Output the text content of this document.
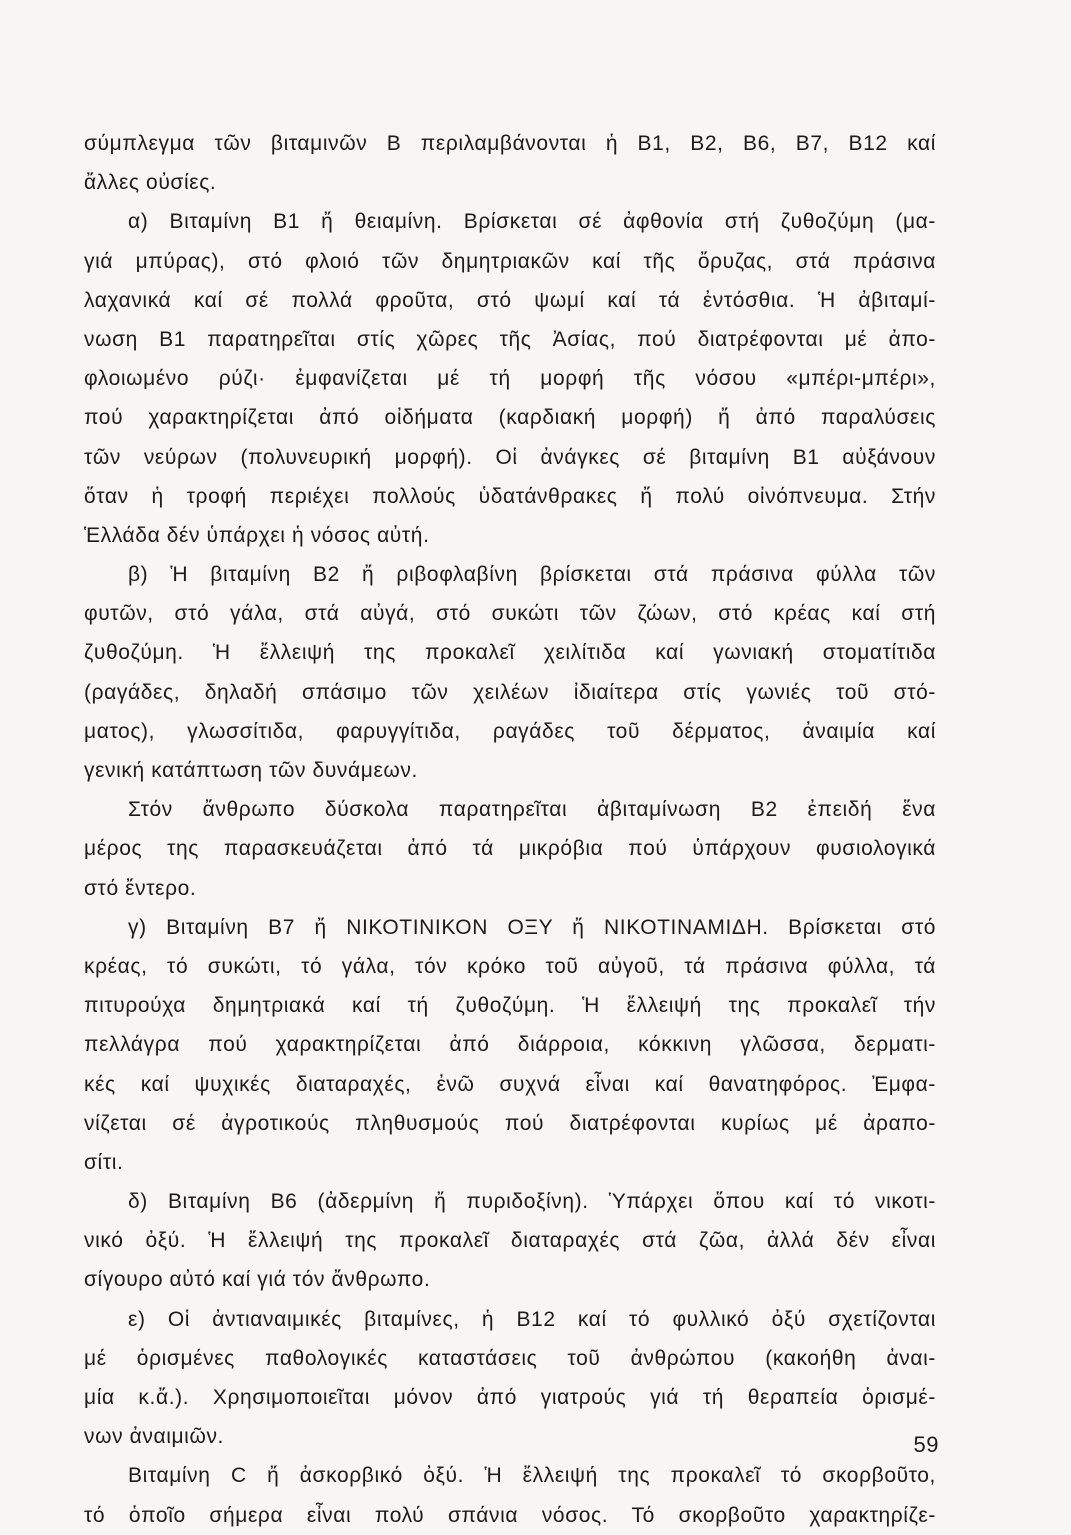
σύμπλεγμα τῶν βιταμινῶν Β περιλαμβάνονται ἡ Β1, Β2, Β6, Β7, Β12 καί
ἄλλες οὐσίες.
α) Βιταμίνη Β1 ἤ θειαμίνη. Βρίσκεται σέ ἀφθονία στή ζυθοζύμη (μα-
γιά μπύρας), στό φλοιό τῶν δημητριακῶν καί τῆς ὄρυζας, στά πράσινα
λαχανικά καί σέ πολλά φροῦτα, στό ψωμί καί τά ἐντόσθια. Ἡ ἀβιταμί-
νωση Β1 παρατηρεῖται στίς χῶρες τῆς Ἀσίας, πού διατρέφονται μέ ἀπο-
φλοιωμένο ρύζι· ἐμφανίζεται μέ τή μορφή τῆς νόσου «μπέρι-μπέρι»,
πού χαρακτηρίζεται ἀπό οἰδήματα (καρδιακή μορφή) ἤ ἀπό παραλύσεις
τῶν νεύρων (πολυνευρική μορφή). Οἱ ἀνάγκες σέ βιταμίνη Β1 αὐξάνουν
ὅταν ἡ τροφή περιέχει πολλούς ὑδατάνθρακες ἤ πολύ οἰνόπνευμα. Στήν
Ἑλλάδα δέν ὑπάρχει ἡ νόσος αὐτή.
β) Ἡ βιταμίνη Β2 ἤ ριβοφλαβίνη βρίσκεται στά πράσινα φύλλα τῶν
φυτῶν, στό γάλα, στά αὐγά, στό συκώτι τῶν ζώων, στό κρέας καί στή
ζυθοζύμη. Ἡ ἔλλειψή της προκαλεῖ χειλίτιδα καί γωνιακή στοματίτιδα
(ραγάδες, δηλαδή σπάσιμο τῶν χειλέων ἰδιαίτερα στίς γωνιές τοῦ στό-
ματος), γλωσσίτιδα, φαρυγγίτιδα, ραγάδες τοῦ δέρματος, ἀναιμία καί
γενική κατάπτωση τῶν δυνάμεων.
Στόν ἄνθρωπο δύσκολα παρατηρεῖται ἀβιταμίνωση Β2 ἐπειδή ἕνα
μέρος της παρασκευάζεται ἀπό τά μικρόβια πού ὑπάρχουν φυσιολογικά
στό ἔντερο.
γ) Βιταμίνη Β7 ἤ ΝΙΚΟΤΙΝΙΚΟΝ ΟΞΥ ἤ ΝΙΚΟΤΙΝΑΜΙΔΗ. Βρίσκεται στό
κρέας, τό συκώτι, τό γάλα, τόν κρόκο τοῦ αὐγοῦ, τά πράσινα φύλλα, τά
πιτυρούχα δημητριακά καί τή ζυθοζύμη. Ἡ ἔλλειψή της προκαλεῖ τήν
πελλάγρα πού χαρακτηρίζεται ἀπό διάρροια, κόκκινη γλῶσσα, δερματι-
κές καί ψυχικές διαταραχές, ἐνῶ συχνά εἶναι καί θανατηφόρος. Ἐμφα-
νίζεται σέ ἀγροτικούς πληθυσμούς πού διατρέφονται κυρίως μέ ἀραπο-
σίτι.
δ) Βιταμίνη Β6 (ἀδερμίνη ἤ πυριδοξίνη). Ὑπάρχει ὅπου καί τό νικοτι-
νικό ὀξύ. Ἡ ἔλλειψή της προκαλεῖ διαταραχές στά ζῶα, ἀλλά δέν εἶναι
σίγουρο αὐτό καί γιά τόν ἄνθρωπο.
ε) Οἱ ἀντιαναιμικές βιταμίνες, ἡ Β12 καί τό φυλλικό ὀξύ σχετίζονται
μέ ὁρισμένες παθολογικές καταστάσεις τοῦ ἀνθρώπου (κακοήθη ἀναι-
μία κ.ἄ.). Χρησιμοποιεῖται μόνον ἀπό γιατρούς γιά τή θεραπεία ὁρισμέ-
νων ἀναιμιῶν.
Βιταμίνη C ἤ ἀσκορβικό ὀξύ. Ἡ ἔλλειψή της προκαλεῖ τό σκορβοῦτο,
τό ὁποῖο σήμερα εἶναι πολύ σπάνια νόσος. Τό σκορβοῦτο χαρακτηρίζε-
59
